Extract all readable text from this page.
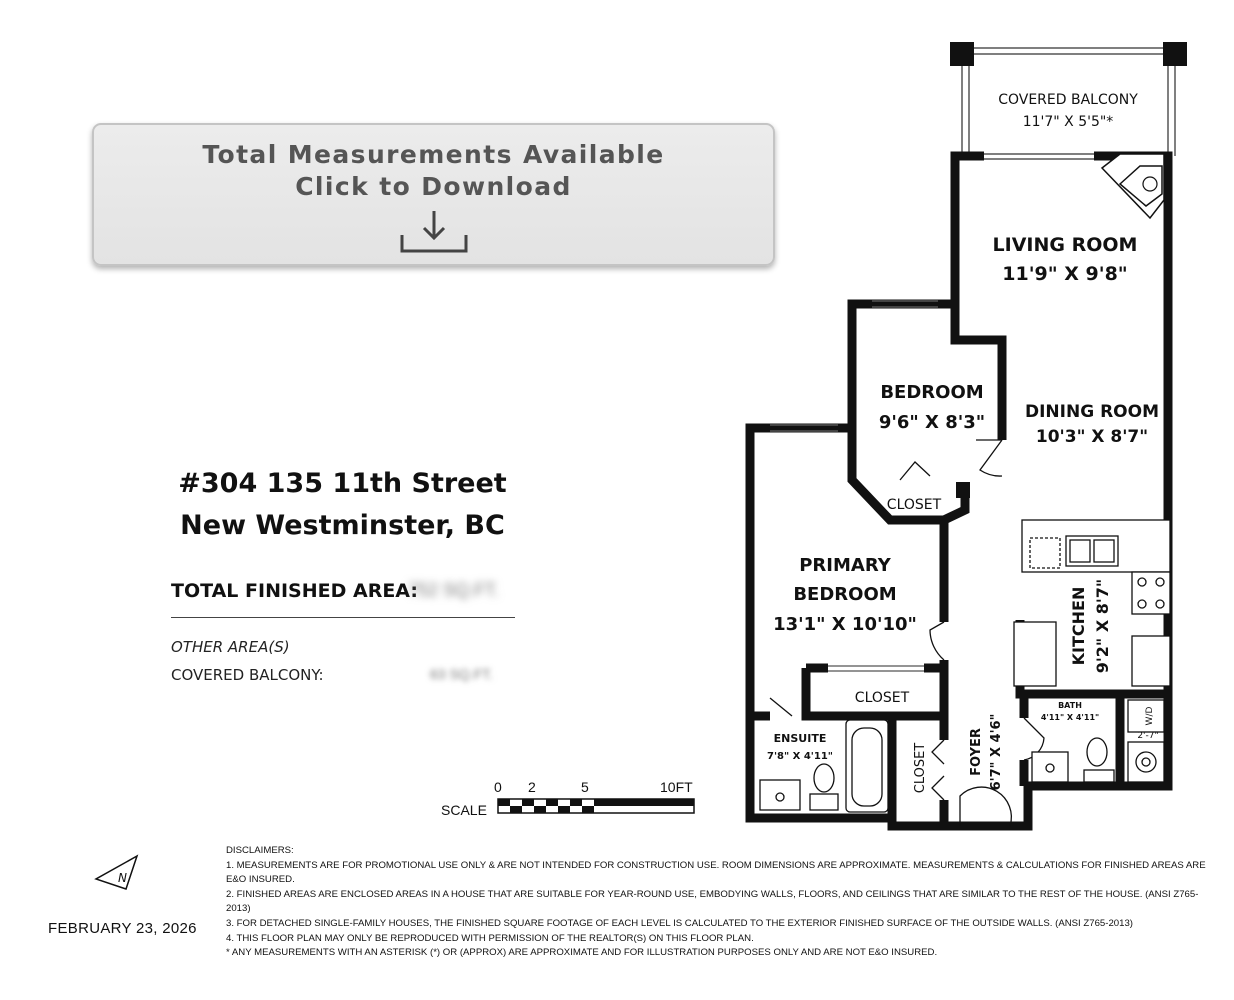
Total Measurements Available
Click to Download
#304 135 11th Street
New Westminster, BC
TOTAL FINISHED AREA:
752 SQ.FT.
OTHER AREA(S)
COVERED BALCONY:	63 SQ.FT.
SCALE
0 2	5	10FT
FEBRUARY 23, 2026
DISCLAIMERS:
1. MEASUREMENTS ARE FOR PROMOTIONAL USE ONLY & ARE NOT INTENDED FOR CONSTRUCTION USE. ROOM DIMENSIONS ARE APPROXIMATE. MEASUREMENTS & CALCULATIONS FOR FINISHED AREAS ARE E&O INSURED.
2. FINISHED AREAS ARE ENCLOSED AREAS IN A HOUSE THAT ARE SUITABLE FOR YEAR-ROUND USE, EMBODYING WALLS, FLOORS, AND CEILINGS THAT ARE SIMILAR TO THE REST OF THE HOUSE. (ANSI Z765-2013)
3. FOR DETACHED SINGLE-FAMILY HOUSES, THE FINISHED SQUARE FOOTAGE OF EACH LEVEL IS CALCULATED TO THE EXTERIOR FINISHED SURFACE OF THE OUTSIDE WALLS. (ANSI Z765-2013)
4. THIS FLOOR PLAN MAY ONLY BE REPRODUCED WITH PERMISSION OF THE REALTOR(S) ON THIS FLOOR PLAN.
* ANY MEASUREMENTS WITH AN ASTERISK (*) OR (APPROX) ARE APPROXIMATE AND FOR ILLUSTRATION PURPOSES ONLY AND ARE NOT E&O INSURED.
N
COVERED BALCONY
11'7" X 5'5"*
LIVING ROOM
11'9" X 9'8"
DINING ROOM
10'3" X 8'7"
BEDROOM
9'6" X 8'3"
CLOSET
PRIMARY
BEDROOM
13'1" X 10'10"
CLOSET
ENSUITE
7'8" X 4'11"	CLOSET	FOYER 6'7" X 4'6"
KITCHEN 9'2" X 8'7"
BATH
4'11" X 4'11"	W/D
2'-7"
